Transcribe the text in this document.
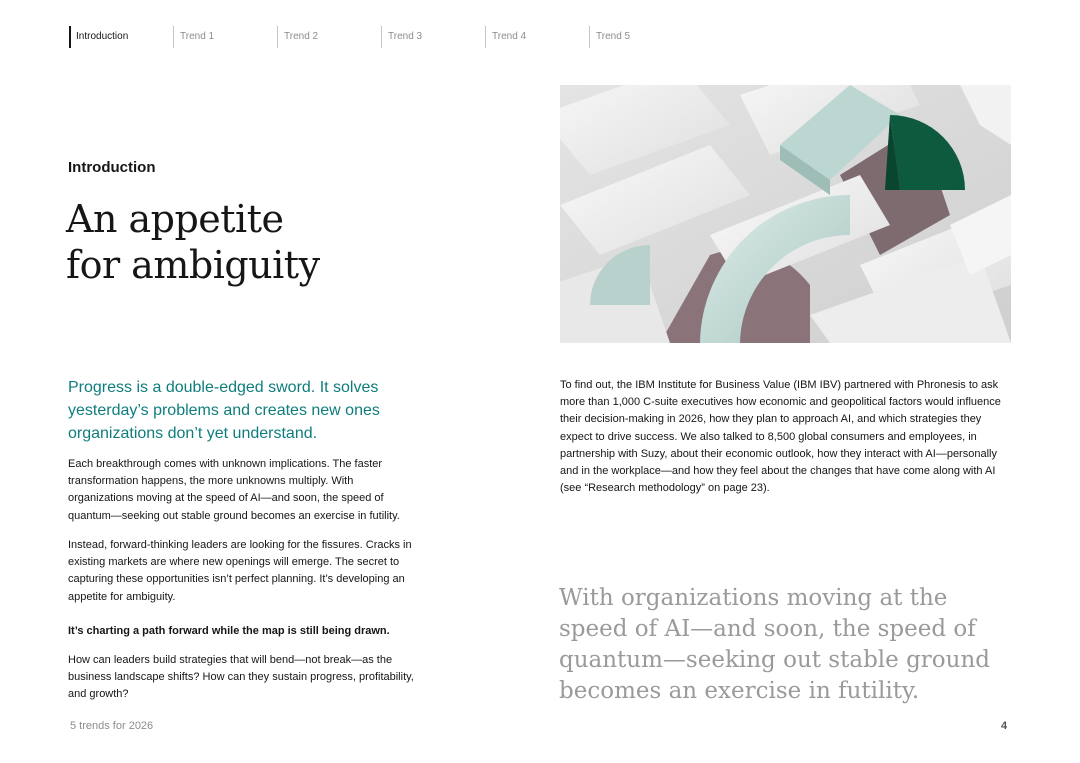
Introduction	Trend 1	Trend 2	Trend 3	Trend 4	Trend 5
Introduction
An appetite
for ambiguity

Progress is a double-edged sword. It solves yesterday’s problems and creates new ones organizations don’t yet understand.

Each breakthrough comes with unknown implications. The faster transformation happens, the more unknowns multiply. With organizations moving at the speed of AI—and soon, the speed of quantum—seeking out stable ground becomes an exercise in futility.

Instead, forward-thinking leaders are looking for the fissures. Cracks in existing markets are where new openings will emerge. The secret to capturing these opportunities isn’t perfect planning. It’s developing an appetite for ambiguity.

It’s charting a path forward while the map is still being drawn.

How can leaders build strategies that will bend—not break—as the business landscape shifts? How can they sustain progress, profitability, and growth?

To find out, the IBM Institute for Business Value (IBM IBV) partnered with Phronesis to ask more than 1,000 C-suite executives how economic and geopolitical factors would influence their decision-making in 2026, how they plan to approach AI, and which strategies they expect to drive success. We also talked to 8,500 global consumers and employees, in partnership with Suzy, about their economic outlook, how they interact with AI—personally and in the workplace—and how they feel about the changes that have come along with AI (see “Research methodology” on page 23).

With organizations moving at the speed of AI—and soon, the speed of quantum—seeking out stable ground becomes an exercise in futility.
5 trends for 2026	4
